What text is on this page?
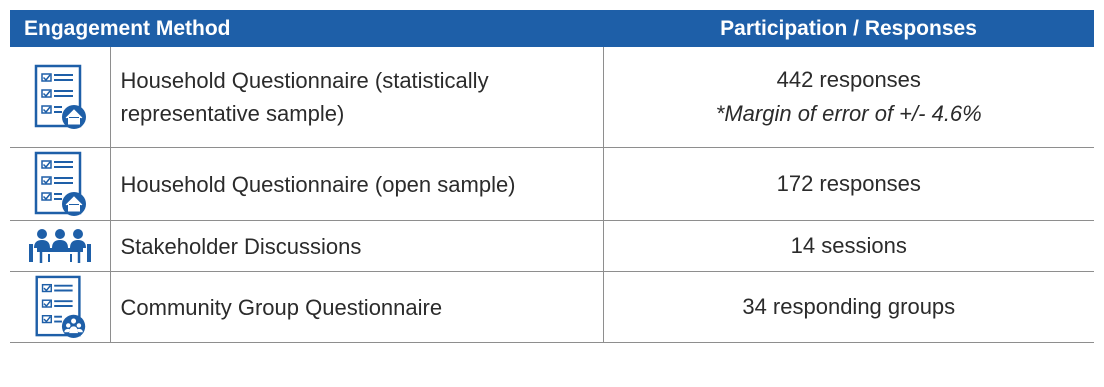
Engagement Method		Participation / Responses
	Household Questionnaire (statistically representative sample)	442 responses
*Margin of error of +/- 4.6%

	Household Questionnaire (open sample)	172 responses
	Stakeholder Discussions	14 sessions
	Community Group Questionnaire	34 responding groups
